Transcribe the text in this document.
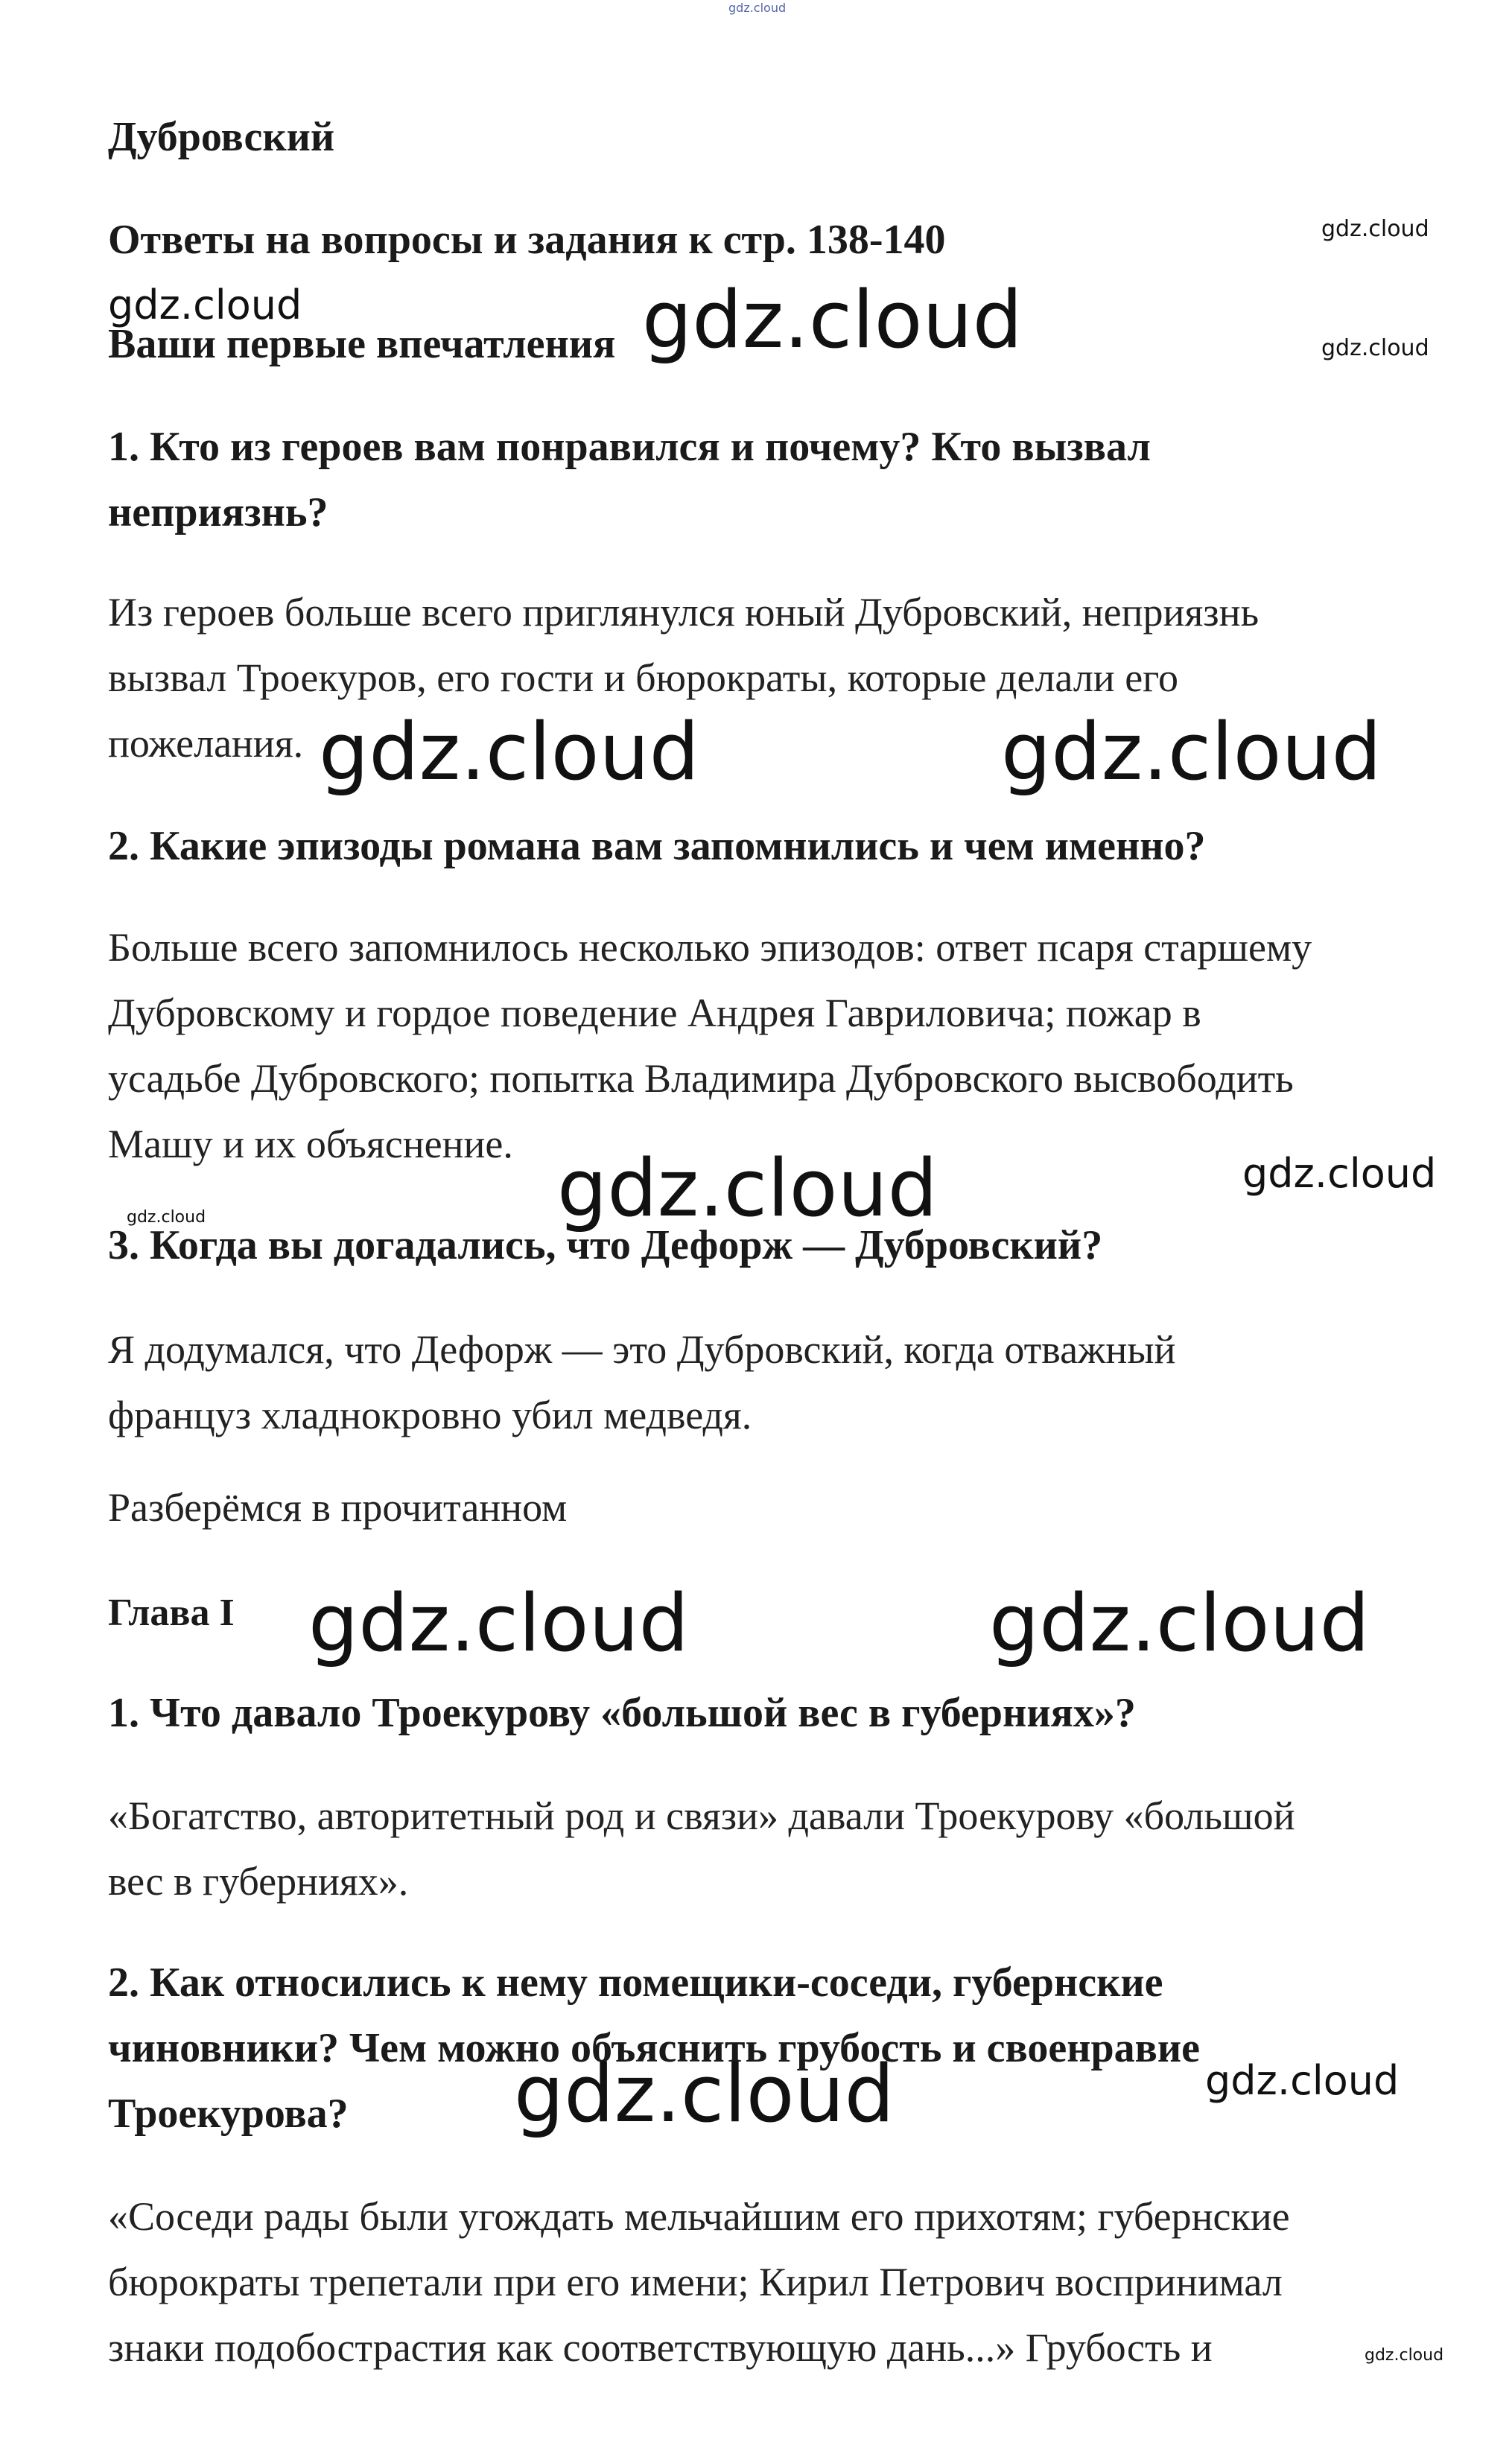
Дубровский

Ответы на вопросы и задания к стр. 138-140

Ваши первые впечатления

1. Кто из героев вам понравился и почему? Кто вызвал

неприязнь?

Из героев больше всего приглянулся юный Дубровский, неприязнь

вызвал Троекуров, его гости и бюрократы, которые делали его

пожелания.

2. Какие эпизоды романа вам запомнились и чем именно?

Больше всего запомнилось несколько эпизодов: ответ псаря старшему

Дубровскому и гордое поведение Андрея Гавриловича; пожар в

усадьбе Дубровского; попытка Владимира Дубровского высвободить

Машу и их объяснение.

3. Когда вы догадались, что Дефорж — Дубровский?

Я додумался, что Дефорж — это Дубровский, когда отважный

француз хладнокровно убил медведя.

Разберёмся в прочитанном

Глава I

1. Что давало Троекурову «большой вес в губерниях»?

«Богатство, авторитетный род и связи» давали Троекурову «большой

вес в губерниях».

2. Как относились к нему помещики-соседи, губернские

чиновники? Чем можно объяснить грубость и своенравие

Троекурова?

«Соседи рады были угождать мельчайшим его прихотям; губернские

бюрократы трепетали при его имени; Кирил Петрович воспринимал

знаки подобострастия как соответствующую дань...» Грубость и

gdz.cloud

gdz.cloud

gdz.cloud	gdz.cloud	gdz.cloud

gdz.cloud	gdz.cloud

gdz.cloud	gdz.cloud

gdz.cloud

gdz.cloud	gdz.cloud

gdz.cloud	gdz.cloud

gdz.cloud
